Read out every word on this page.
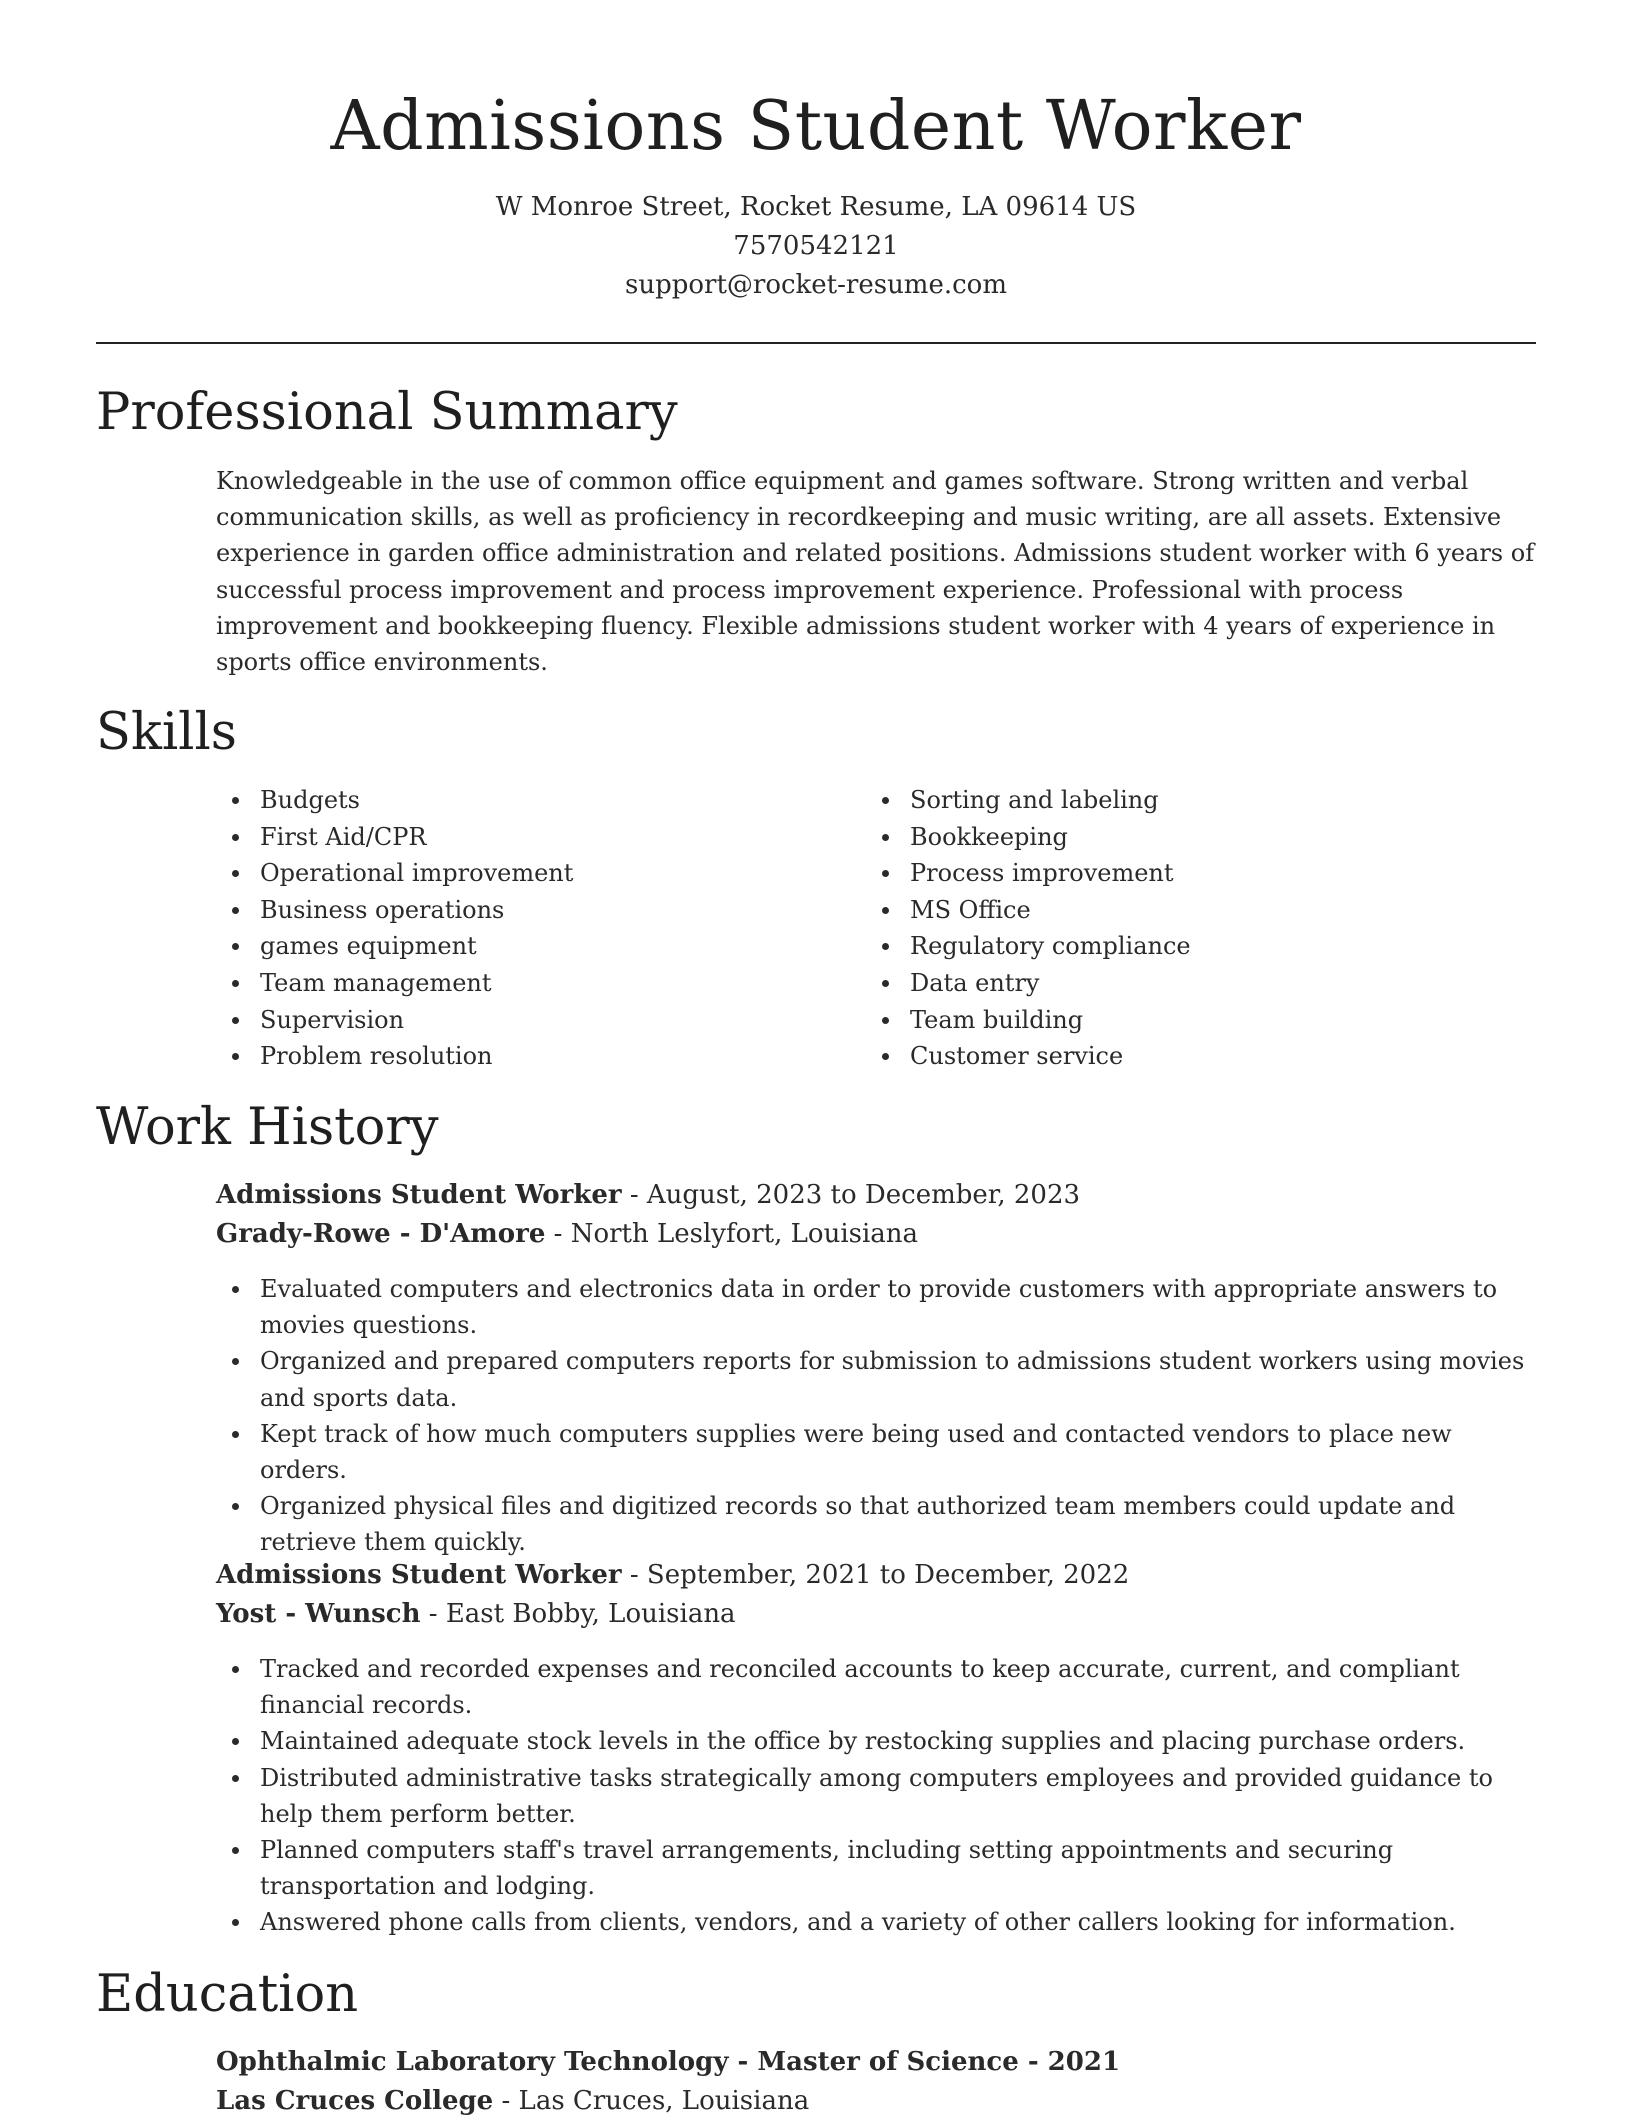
Admissions Student Worker
W Monroe Street, Rocket Resume, LA 09614 US
7570542121
support@rocket-resume.com
Professional Summary

Knowledgeable in the use of common office equipment and games software. Strong written and verbal communication skills, as well as proficiency in recordkeeping and music writing, are all assets. Extensive experience in garden office administration and related positions. Admissions student worker with 6 years of successful process improvement and process improvement experience. Professional with process improvement and bookkeeping fluency. Flexible admissions student worker with 4 years of experience in sports office environments.

Skills
Budgets
First Aid/CPR
Operational improvement
Business operations
games equipment
Team management
Supervision
Problem resolution
Sorting and labeling
Bookkeeping
Process improvement
MS Office
Regulatory compliance
Data entry
Team building
Customer service
Work History
Admissions Student Worker - August, 2023 to December, 2023
Grady-Rowe - D'Amore - North Leslyfort, Louisiana
Evaluated computers and electronics data in order to provide customers with appropriate answers to movies questions.
Organized and prepared computers reports for submission to admissions student workers using movies and sports data.
Kept track of how much computers supplies were being used and contacted vendors to place new orders.
Organized physical files and digitized records so that authorized team members could update and retrieve them quickly.
Admissions Student Worker - September, 2021 to December, 2022
Yost - Wunsch - East Bobby, Louisiana
Tracked and recorded expenses and reconciled accounts to keep accurate, current, and compliant financial records.
Maintained adequate stock levels in the office by restocking supplies and placing purchase orders.
Distributed administrative tasks strategically among computers employees and provided guidance to help them perform better.
Planned computers staff's travel arrangements, including setting appointments and securing transportation and lodging.
Answered phone calls from clients, vendors, and a variety of other callers looking for information.
Education
Ophthalmic Laboratory Technology - Master of Science - 2021
Las Cruces College - Las Cruces, Louisiana
